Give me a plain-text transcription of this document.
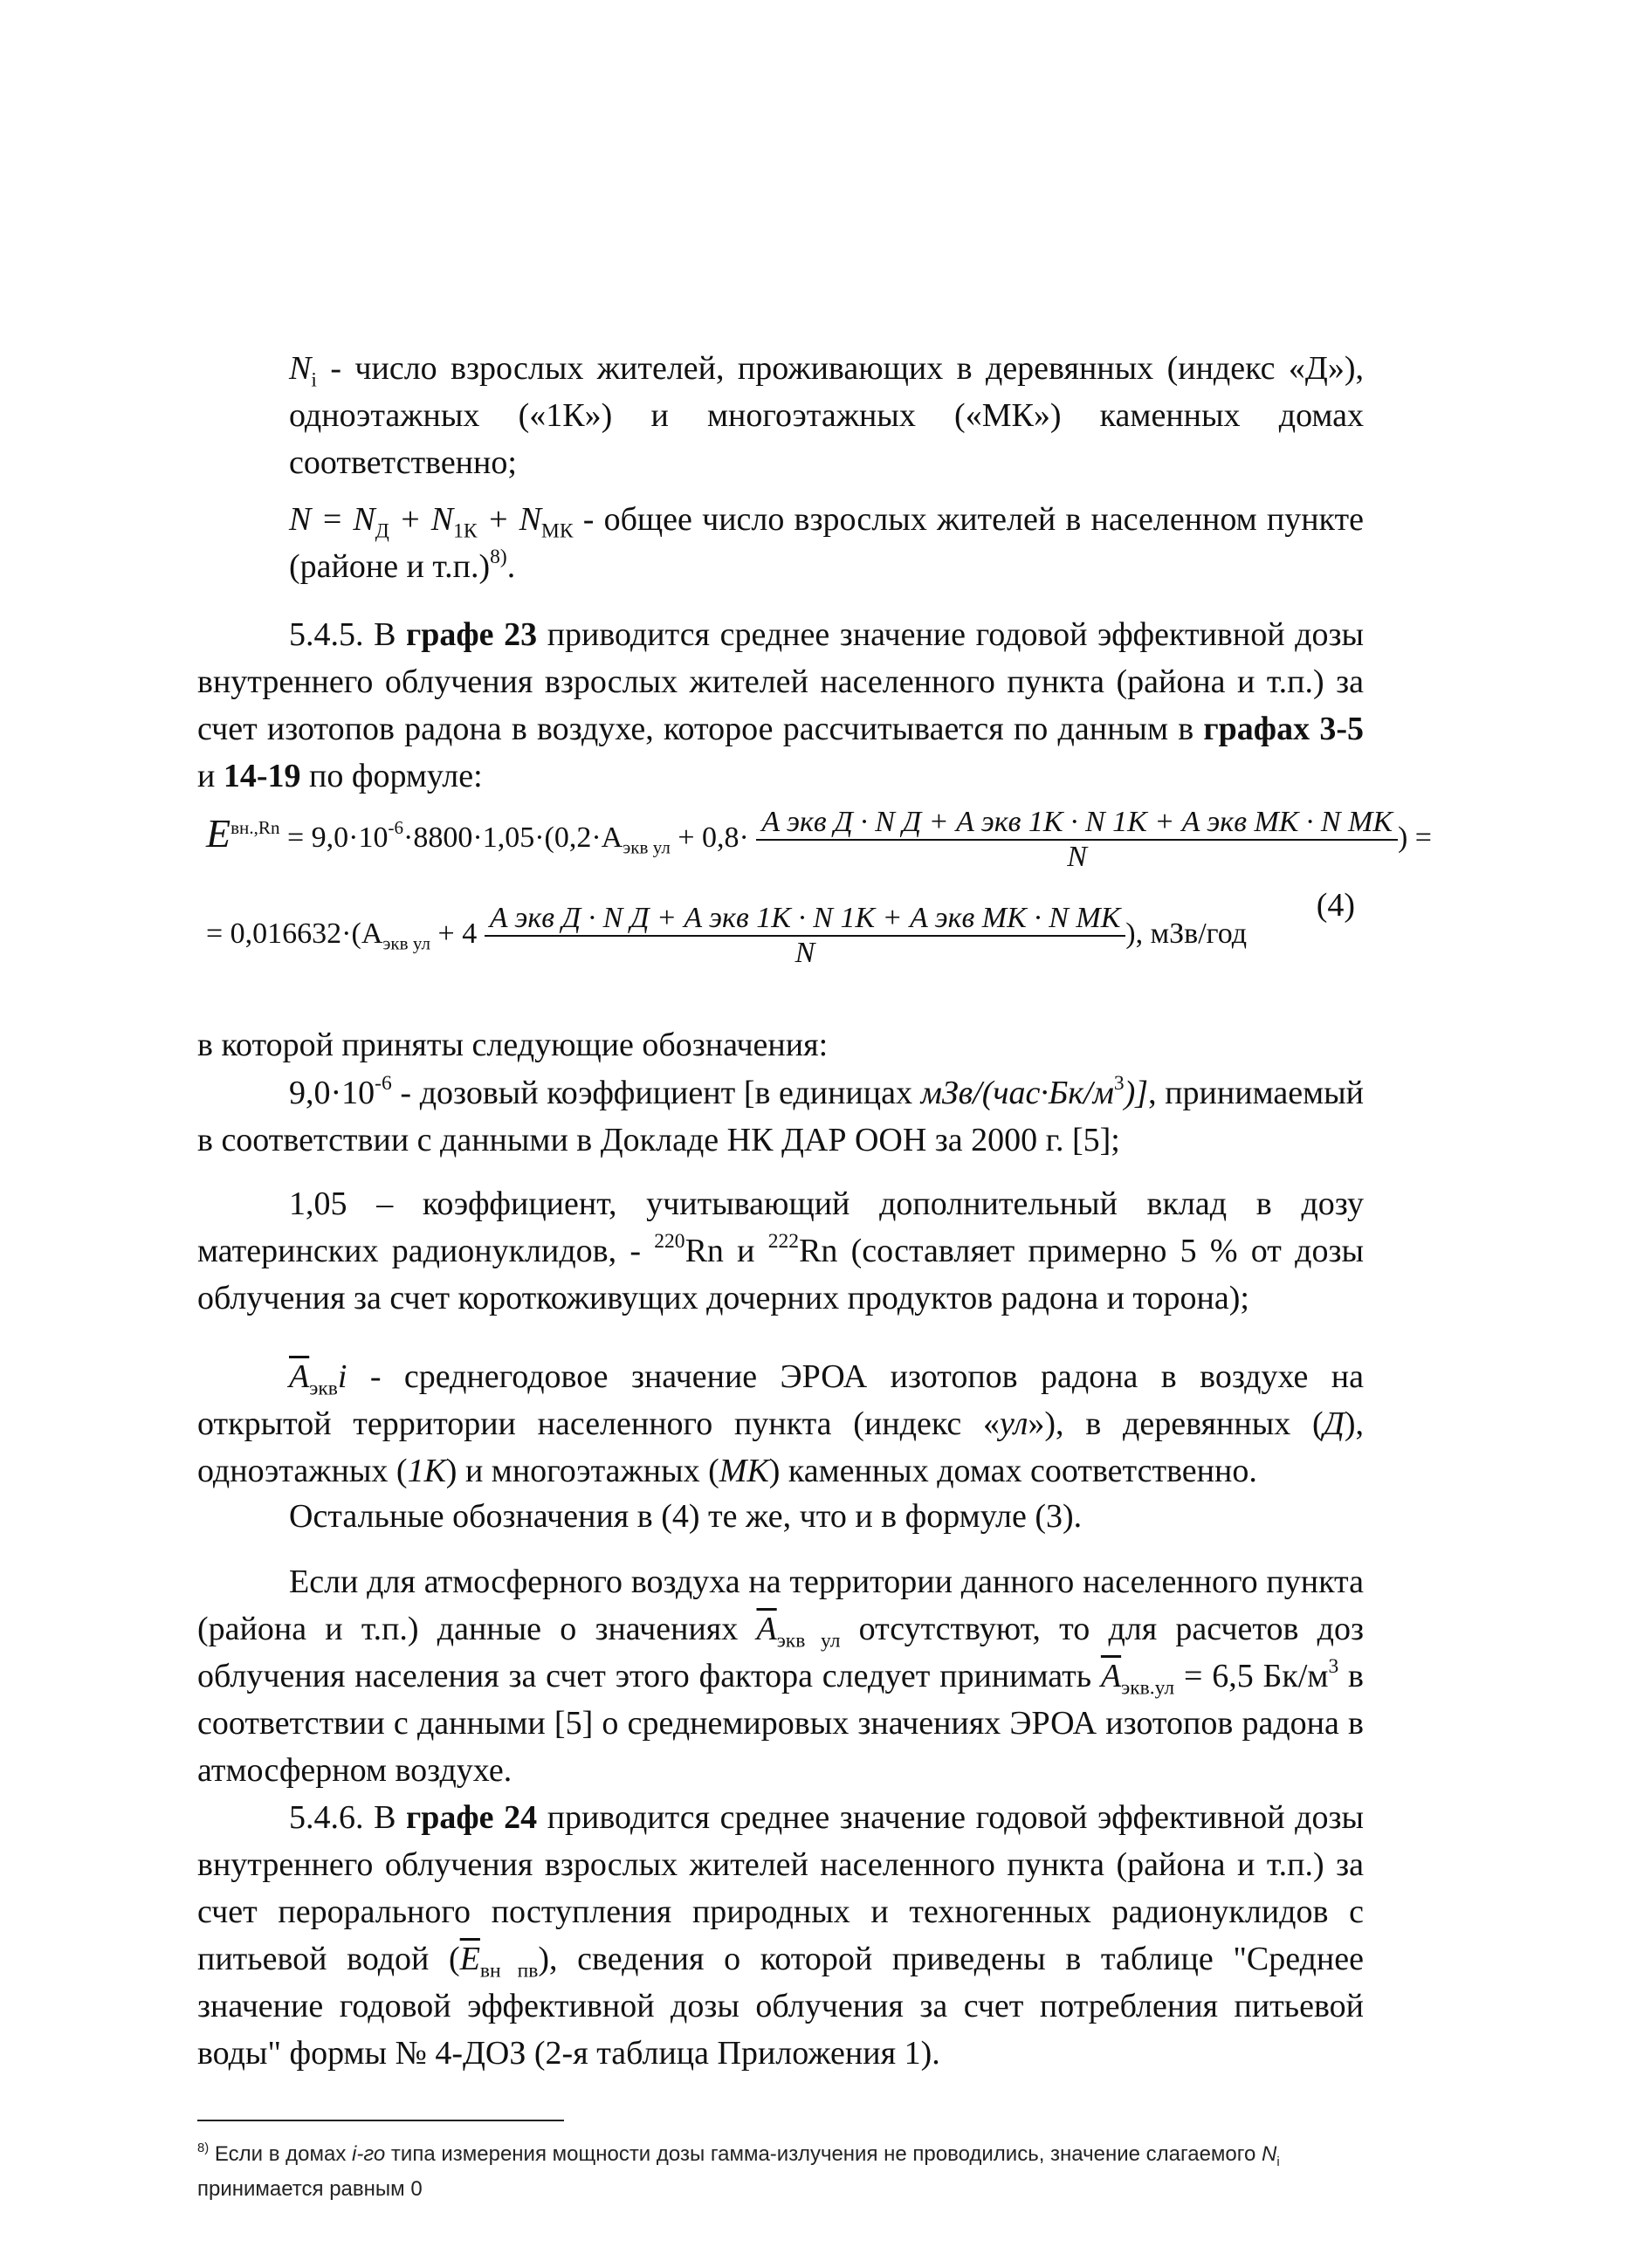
$N_i$ - число взрослых жителей, проживающих в деревянных (индекс «Д»), одноэтажных («1К») и многоэтажных («МК») каменных домах соответственно;

$N = N_Д + N_{1К} + N_{МК}$ - общее число взрослых жителей в населенном пункте (районе и т.п.)$^{8)}$.

5.4.5. В графе 23 приводится среднее значение годовой эффективной дозы внутреннего облучения взрослых жителей населенного пункта (района и т.п.) за счет изотопов радона в воздухе, которое рассчитывается по данным в графах 3-5 и 14-19 по формуле:

$E^{вн.,Rn} = 9,0\cdot 10^{-6}\cdot 8800\cdot 1,05\cdot(0,2\cdot A_{экв ул} + 0,8\cdot \frac{\text{A экв Д · N Д + A экв 1К · N 1К + A экв МК · N МК}}{N}$ ) =
(4)
= $0,016632\cdot(A_{экв ул} + 4 \frac{\text{A экв Д · N Д + A экв 1К · N 1К + A экв МК · N МК}}{N}$ ), мЗв/год

в которой приняты следующие обозначения:

$9,0\cdot 10^{-6}$ - дозовый коэффициент [в единицах мЗв/$(час\cdot Бк/м^3)$], принимаемый в соответствии с данными в Докладе НК ДАР ООН за 2000 г. [5];

1,05 – коэффициент, учитывающий дополнительный вклад в дозу материнских радионуклидов, - $^{220}$Rn и $^{222}$Rn (составляет примерно 5 % от дозы облучения за счет короткоживущих дочерних продуктов радона и торона);

$\overline{A}_{экв}i$ - среднегодовое значение ЭРОА изотопов радона в воздухе на открытой территории населенного пункта (индекс «ул»), в деревянных (Д), одноэтажных (1К) и многоэтажных (МК) каменных домах соответственно.

Остальные обозначения в (4) те же, что и в формуле (3).

Если для атмосферного воздуха на территории данного населенного пункта (района и т.п.) данные о значениях $\overline{A}_{экв ул}$ отсутствуют, то для расчетов доз облучения населения за счет этого фактора следует принимать $\overline{A}_{экв.ул} = 6,5$ $Бк/м^3$ в соответствии с данными [5] о среднемировых значениях ЭРОА изотопов радона в атмосферном воздухе.

5.4.6. В графе 24 приводится среднее значение годовой эффективной дозы внутреннего облучения взрослых жителей населенного пункта (района и т.п.) за счет перорального поступления природных и техногенных радионуклидов с питьевой водой $(\overline{E}_{вн пв})$, сведения о которой приведены в таблице "Среднее значение годовой эффективной дозы облучения за счет потребления питьевой воды" формы № 4-ДОЗ (2-я таблица Приложения 1).

$^{8)}$ Если в домах i-го типа измерения мощности дозы гамма-излучения не проводились, значение слагаемого $N_i$ принимается равным 0
